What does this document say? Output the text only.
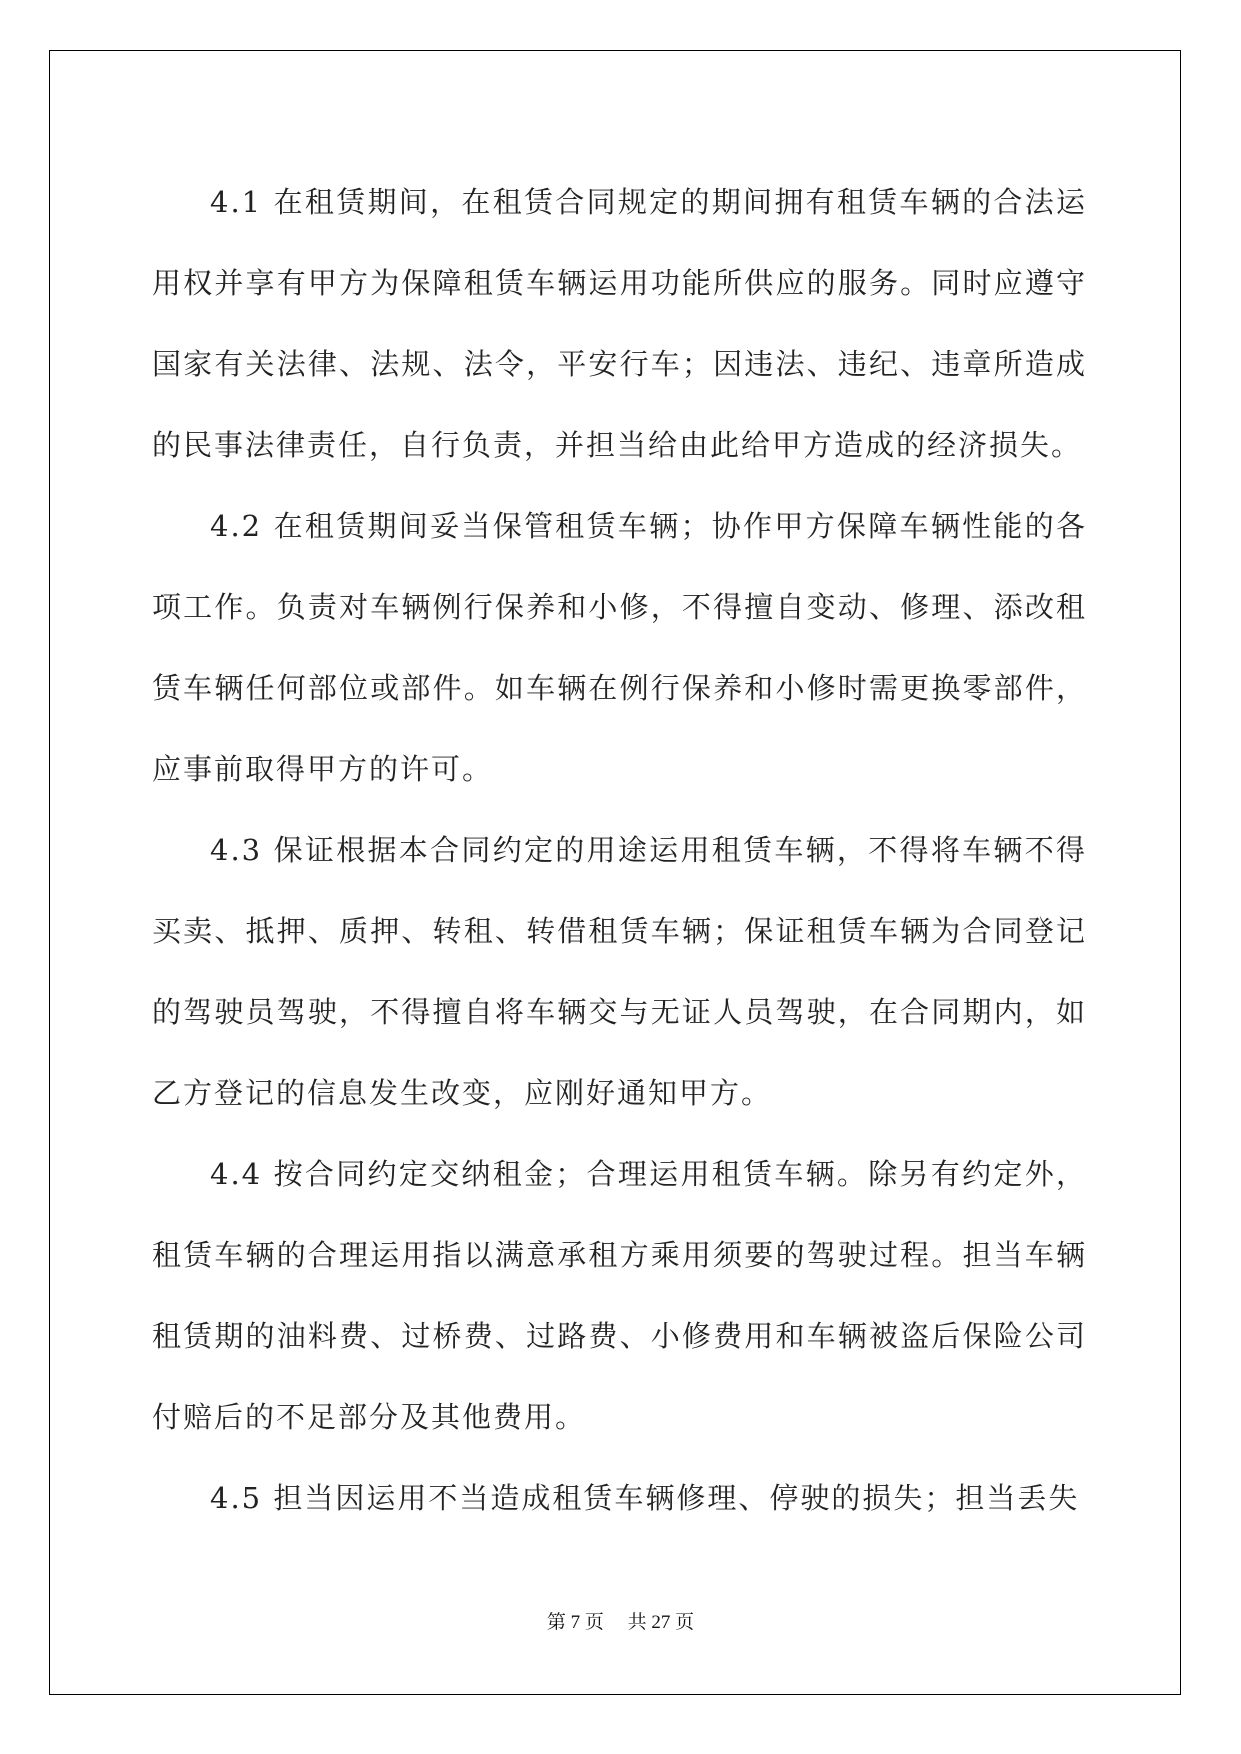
4.1 在租赁期间，在租赁合同规定的期间拥有租赁车辆的合法运用权并享有甲方为保障租赁车辆运用功能所供应的服务。同时应遵守国家有关法律、法规、法令，平安行车；因违法、违纪、违章所造成的民事法律责任，自行负责，并担当给由此给甲方造成的经济损失。

4.2 在租赁期间妥当保管租赁车辆；协作甲方保障车辆性能的各项工作。负责对车辆例行保养和小修，不得擅自变动、修理、添改租赁车辆任何部位或部件。如车辆在例行保养和小修时需更换零部件，应事前取得甲方的许可。

4.3 保证根据本合同约定的用途运用租赁车辆，不得将车辆不得买卖、抵押、质押、转租、转借租赁车辆；保证租赁车辆为合同登记的驾驶员驾驶，不得擅自将车辆交与无证人员驾驶，在合同期内，如乙方登记的信息发生改变，应刚好通知甲方。

4.4 按合同约定交纳租金；合理运用租赁车辆。除另有约定外，租赁车辆的合理运用指以满意承租方乘用须要的驾驶过程。担当车辆租赁期的油料费、过桥费、过路费、小修费用和车辆被盗后保险公司付赔后的不足部分及其他费用。

4.5 担当因运用不当造成租赁车辆修理、停驶的损失；担当丢失

第 7 页 共 27 页
